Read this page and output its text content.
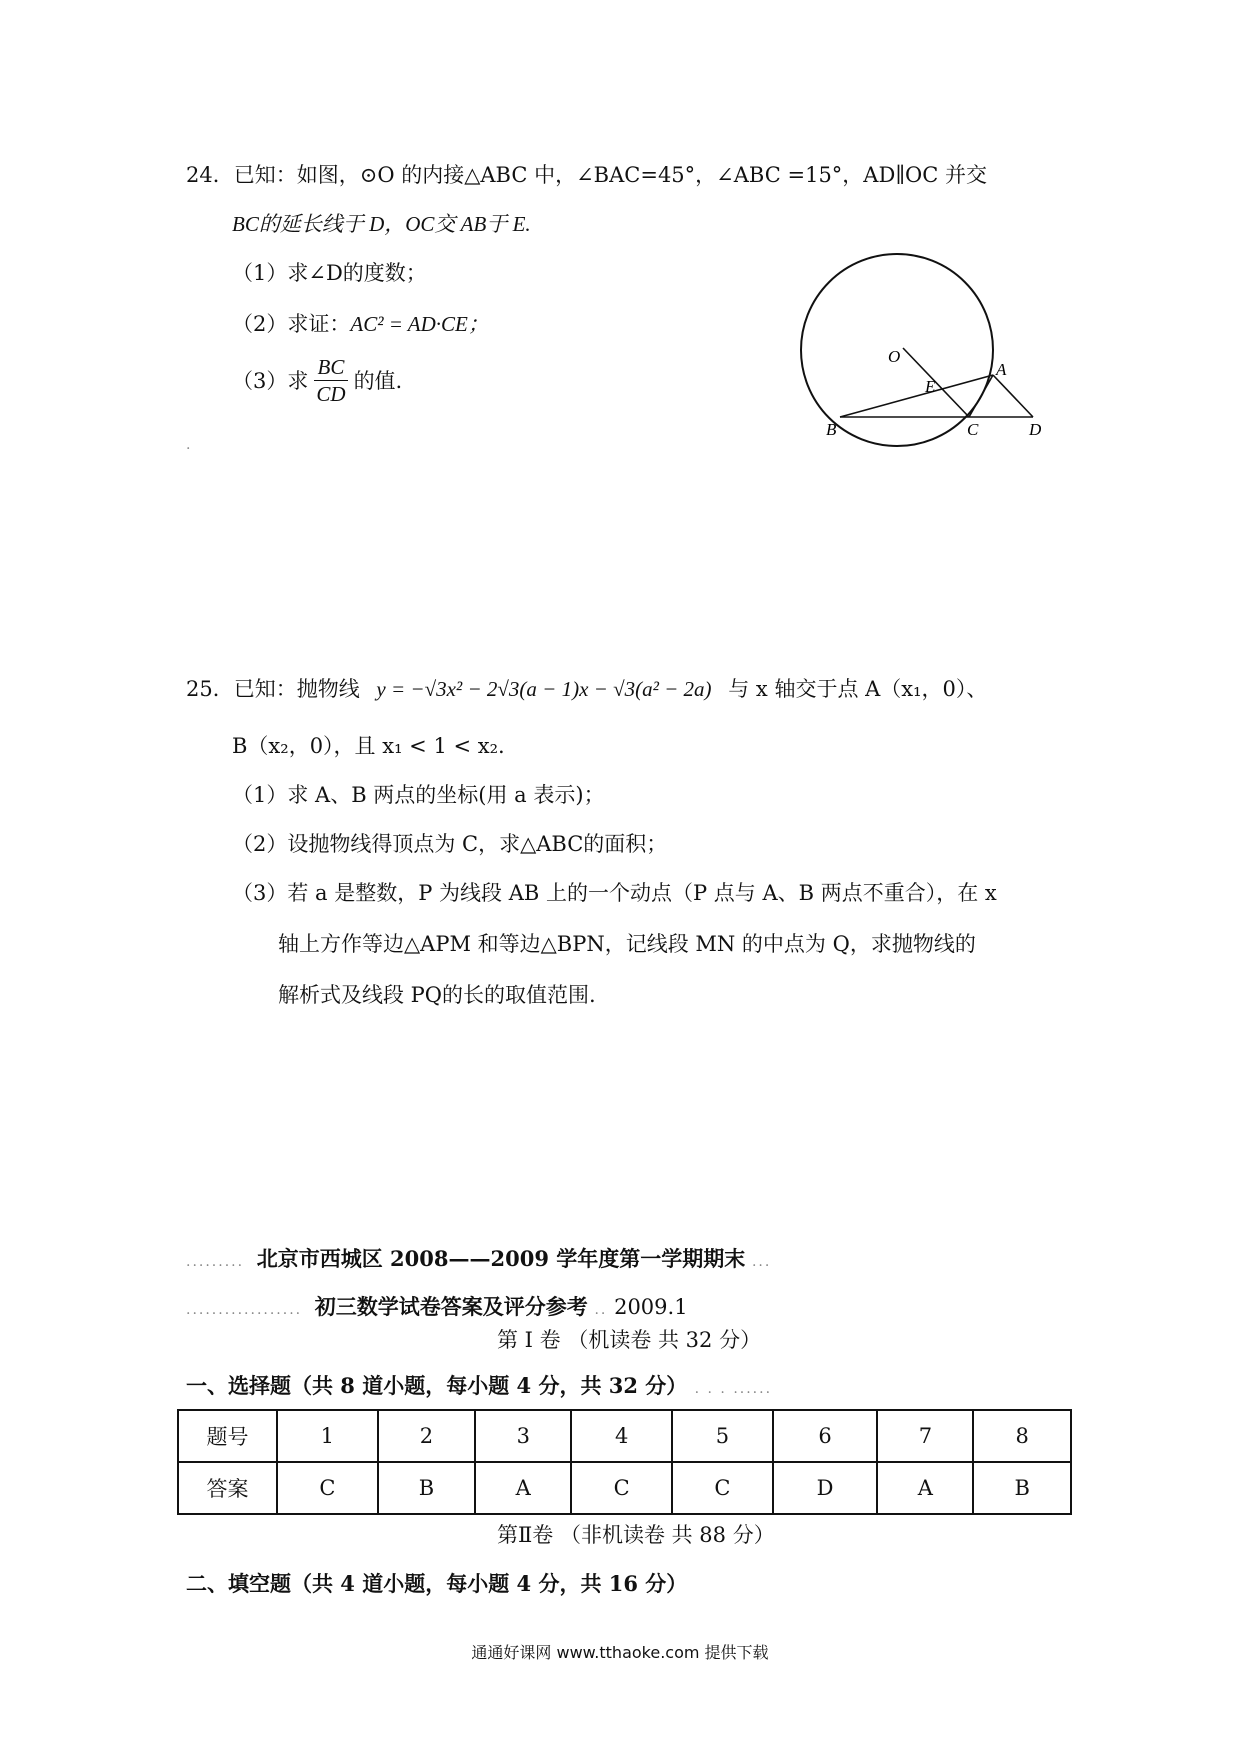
24．已知：如图，⊙O 的内接△ABC 中，∠BAC=45°，∠ABC =15°，AD∥OC 并交
BC的延长线于 D，OC交 AB于 E.
（1）求∠D的度数；
（2）求证：AC² = AD·CE；
（3）求 $\frac{BC}{CD}$ 的值.
O
A
E
B	C	D
.
25．已知：抛物线 y = −√3x² − 2√3(a − 1)x − √3(a² − 2a) 与 x 轴交于点 A（x₁，0）、
B（x₂，0），且 x₁ < 1 < x₂.
（1）求 A、B 两点的坐标(用 a 表示)；
（2）设抛物线得顶点为 C，求△ABC的面积；
（3）若 a 是整数，P 为线段 AB 上的一个动点（P 点与 A、B 两点不重合），在 x
轴上方作等边△APM 和等边△BPN，记线段 MN 的中点为 Q，求抛物线的
解析式及线段 PQ的长的取值范围.
......... 北京市西城区 2008——2009 学年度第一学期期末 ...
.................. 初三数学试卷答案及评分参考 .. 2009.1
第 I 卷 （机读卷 共 32 分）
一、选择题（共 8 道小题，每小题 4 分，共 32 分） . . . ......
题号	1	2	3	4	5	6	7	8
答案	C	B	A	C	C	D	A	B
第Ⅱ卷 （非机读卷 共 88 分）
二、填空题（共 4 道小题，每小题 4 分，共 16 分）
通通好课网 www.tthaoke.com 提供下载
